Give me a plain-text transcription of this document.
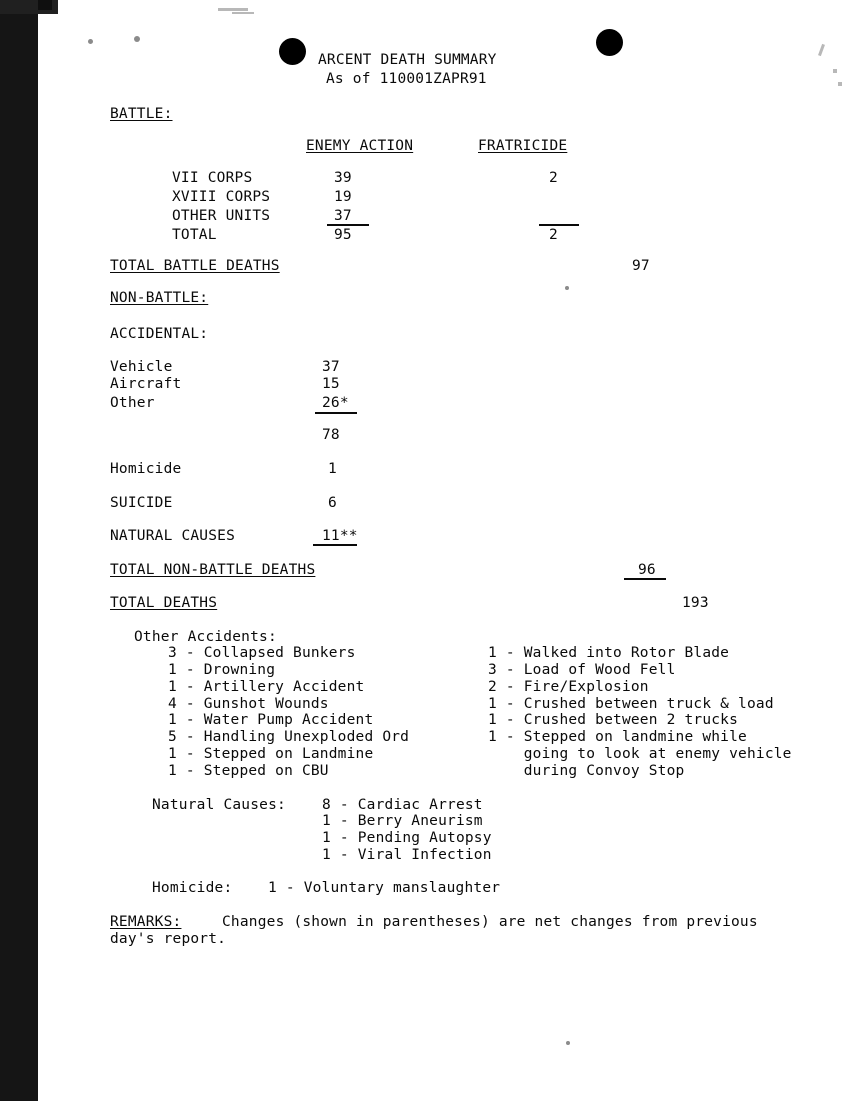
ARCENT DEATH SUMMARY
As of 110001ZAPR91
BATTLE:
ENEMY ACTION	FRATRICIDE
VII CORPS	39	2
XVIII CORPS	19
OTHER UNITS	37
TOTAL	95	2
TOTAL BATTLE DEATHS	97
NON-BATTLE:
ACCIDENTAL:
Vehicle	37
Aircraft	15
Other	26*
78
Homicide	1
SUICIDE	6
NATURAL CAUSES	11**
TOTAL NON-BATTLE DEATHS	96
TOTAL DEATHS	193
Other Accidents:
3 - Collapsed Bunkers
1 - Drowning
1 - Artillery Accident
4 - Gunshot Wounds
1 - Water Pump Accident
5 - Handling Unexploded Ord
1 - Stepped on Landmine
1 - Stepped on CBU
1 - Walked into Rotor Blade
3 - Load of Wood Fell
2 - Fire/Explosion
1 - Crushed between truck & load
1 - Crushed between 2 trucks
1 - Stepped on landmine while
going to look at enemy vehicle
during Convoy Stop
Natural Causes: 8 - Cardiac Arrest
1 - Berry Aneurism
1 - Pending Autopsy
1 - Viral Infection
Homicide: 1 - Voluntary manslaughter
REMARKS:	Changes (shown in parentheses) are net changes from previous
day's report.
